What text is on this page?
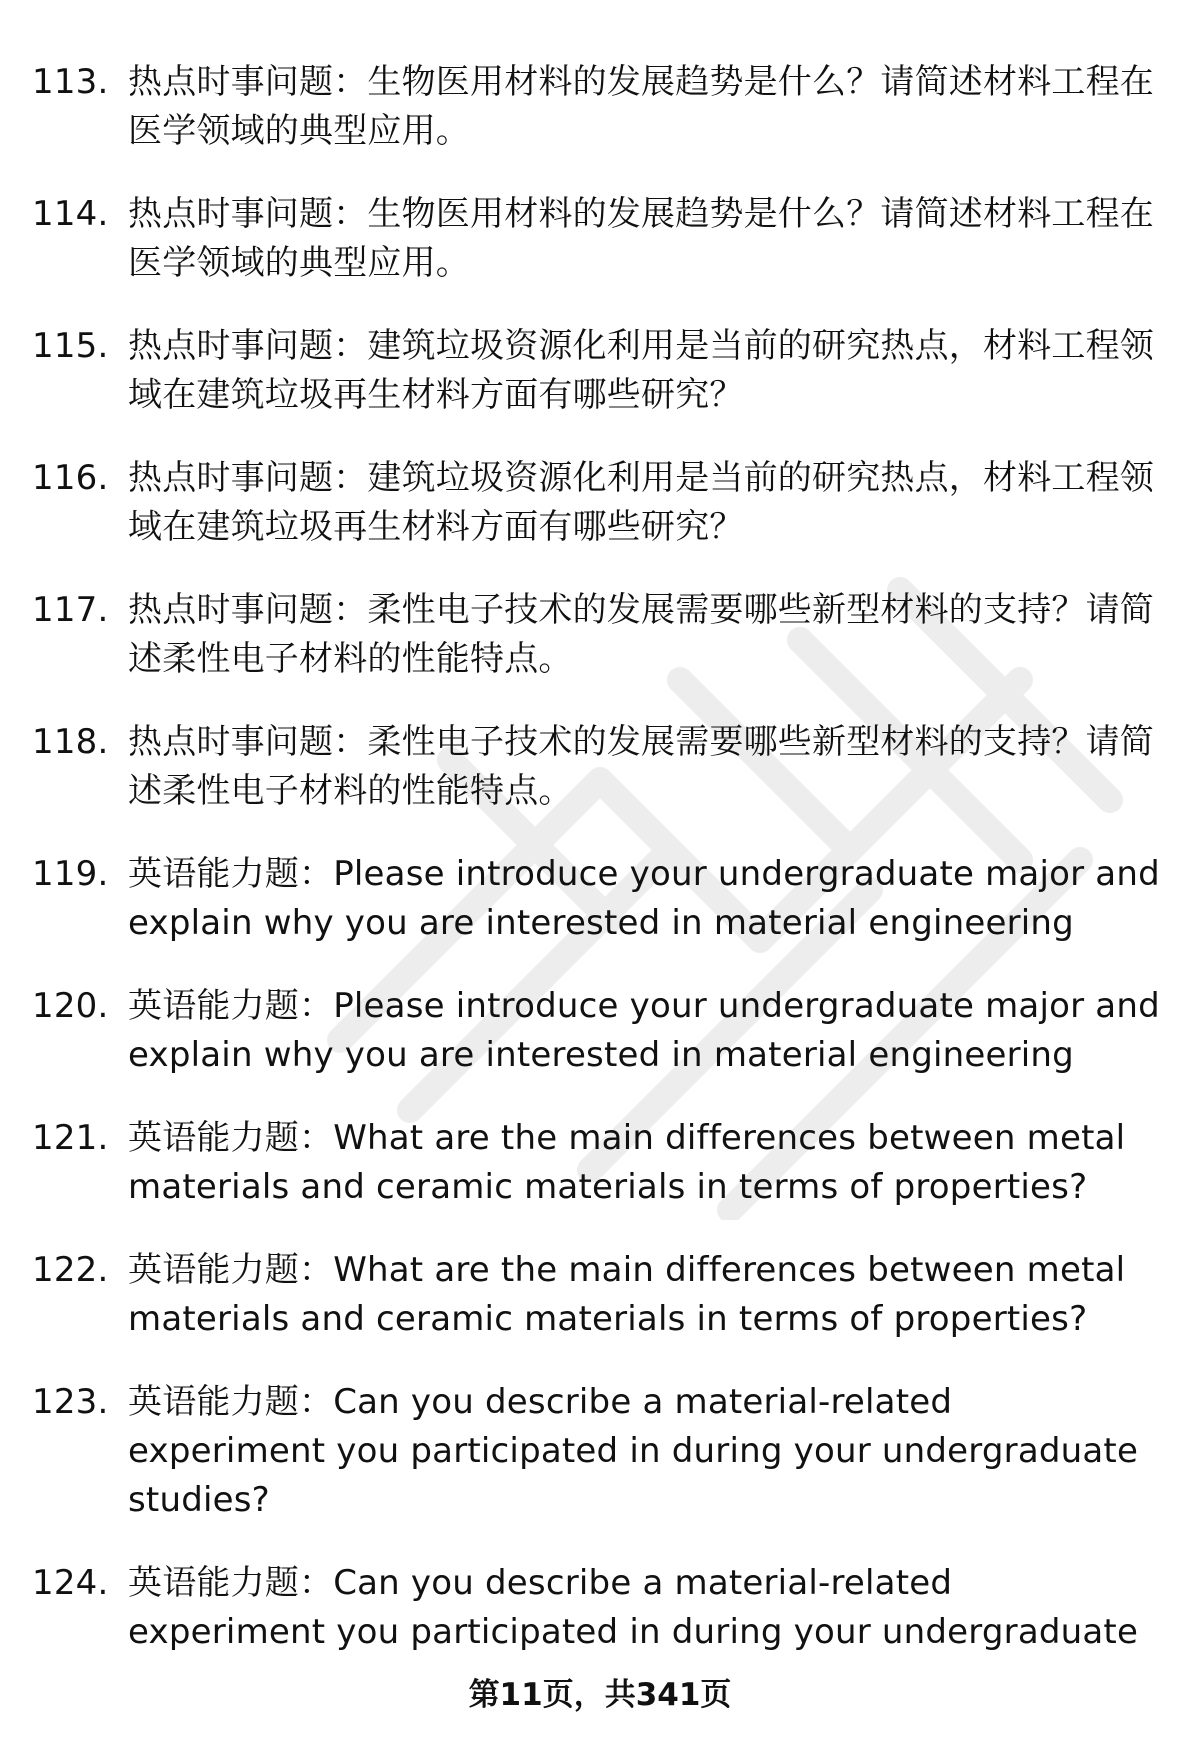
113. 热点时事问题：生物医用材料的发展趋势是什么？请简述材料工程在医学领域的典型应用。
114. 热点时事问题：生物医用材料的发展趋势是什么？请简述材料工程在医学领域的典型应用。
115. 热点时事问题：建筑垃圾资源化利用是当前的研究热点，材料工程领域在建筑垃圾再生材料方面有哪些研究？
116. 热点时事问题：建筑垃圾资源化利用是当前的研究热点，材料工程领域在建筑垃圾再生材料方面有哪些研究？
117. 热点时事问题：柔性电子技术的发展需要哪些新型材料的支持？请简述柔性电子材料的性能特点。
118. 热点时事问题：柔性电子技术的发展需要哪些新型材料的支持？请简述柔性电子材料的性能特点。
119. 英语能力题：Please introduce your undergraduate major and explain why you are interested in material engineering
120. 英语能力题：Please introduce your undergraduate major and explain why you are interested in material engineering
121. 英语能力题：What are the main differences between metal materials and ceramic materials in terms of properties?
122. 英语能力题：What are the main differences between metal materials and ceramic materials in terms of properties?
123. 英语能力题：Can you describe a material-related experiment you participated in during your undergraduate studies?
124. 英语能力题：Can you describe a material-related experiment you participated in during your undergraduate
第11页，共341页
